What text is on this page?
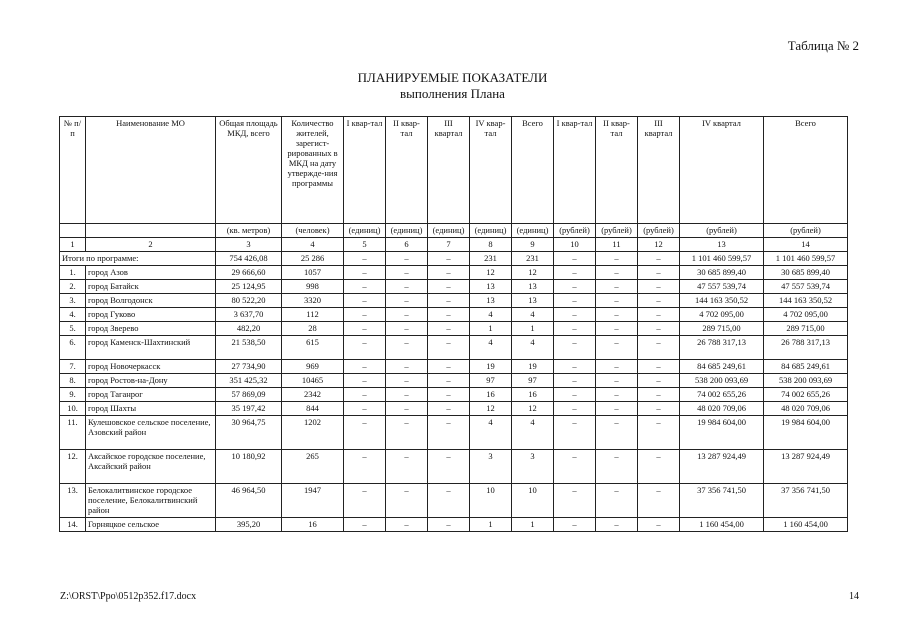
Таблица № 2
ПЛАНИРУЕМЫЕ ПОКАЗАТЕЛИ
выполнения Плана
№ п/п	Наименование МО	Общая площадь МКД, всего	Количество жителей, зарегист-рированных в МКД на дату утвержде-ния программы	I квар-тал	II квар-тал	III квартал	IV квар-тал	Всего	I квар-тал	II квар-тал	III квартал	IV квартал	Всего
		(кв. метров)	(человек)	(единиц)	(единиц)	(единиц)	(единиц)	(единиц)	(рублей)	(рублей)	(рублей)	(рублей)	(рублей)
1	2	3	4	5	6	7	8	9	10	11	12	13	14
Итоги по программе:		754 426,08	25 286	–	–	–	231	231	–	–	–	1 101 460 599,57	1 101 460 599,57
1.	город Азов	29 666,60	1057	–	–	–	12	12	–	–	–	30 685 899,40	30 685 899,40
2.	город Батайск	25 124,95	998	–	–	–	13	13	–	–	–	47 557 539,74	47 557 539,74
3.	город Волгодонск	80 522,20	3320	–	–	–	13	13	–	–	–	144 163 350,52	144 163 350,52
4.	город Гуково	3 637,70	112	–	–	–	4	4	–	–	–	4 702 095,00	4 702 095,00
5.	город Зверево	482,20	28	–	–	–	1	1	–	–	–	289 715,00	289 715,00
6.	город Каменск-Шахтинский	21 538,50	615	–	–	–	4	4	–	–	–	26 788 317,13	26 788 317,13
7.	город Новочеркасск	27 734,90	969	–	–	–	19	19	–	–	–	84 685 249,61	84 685 249,61
8.	город Ростов-на-Дону	351 425,32	10465	–	–	–	97	97	–	–	–	538 200 093,69	538 200 093,69
9.	город Таганрог	57 869,09	2342	–	–	–	16	16	–	–	–	74 002 655,26	74 002 655,26
10.	город Шахты	35 197,42	844	–	–	–	12	12	–	–	–	48 020 709,06	48 020 709,06
11.	Кулешовское сельское поселение, Азовский район	30 964,75	1202	–	–	–	4	4	–	–	–	19 984 604,00	19 984 604,00
12.	Аксайское городское поселение, Аксайский район	10 180,92	265	–	–	–	3	3	–	–	–	13 287 924,49	13 287 924,49
13.	Белокалитвинское городское поселение, Белокалитвинский район	46 964,50	1947	–	–	–	10	10	–	–	–	37 356 741,50	37 356 741,50
14.	Горняцкое сельское	395,20	16	–	–	–	1	1	–	–	–	1 160 454,00	1 160 454,00
Z:\ORST\Ppo\0512p352.f17.docx	14
